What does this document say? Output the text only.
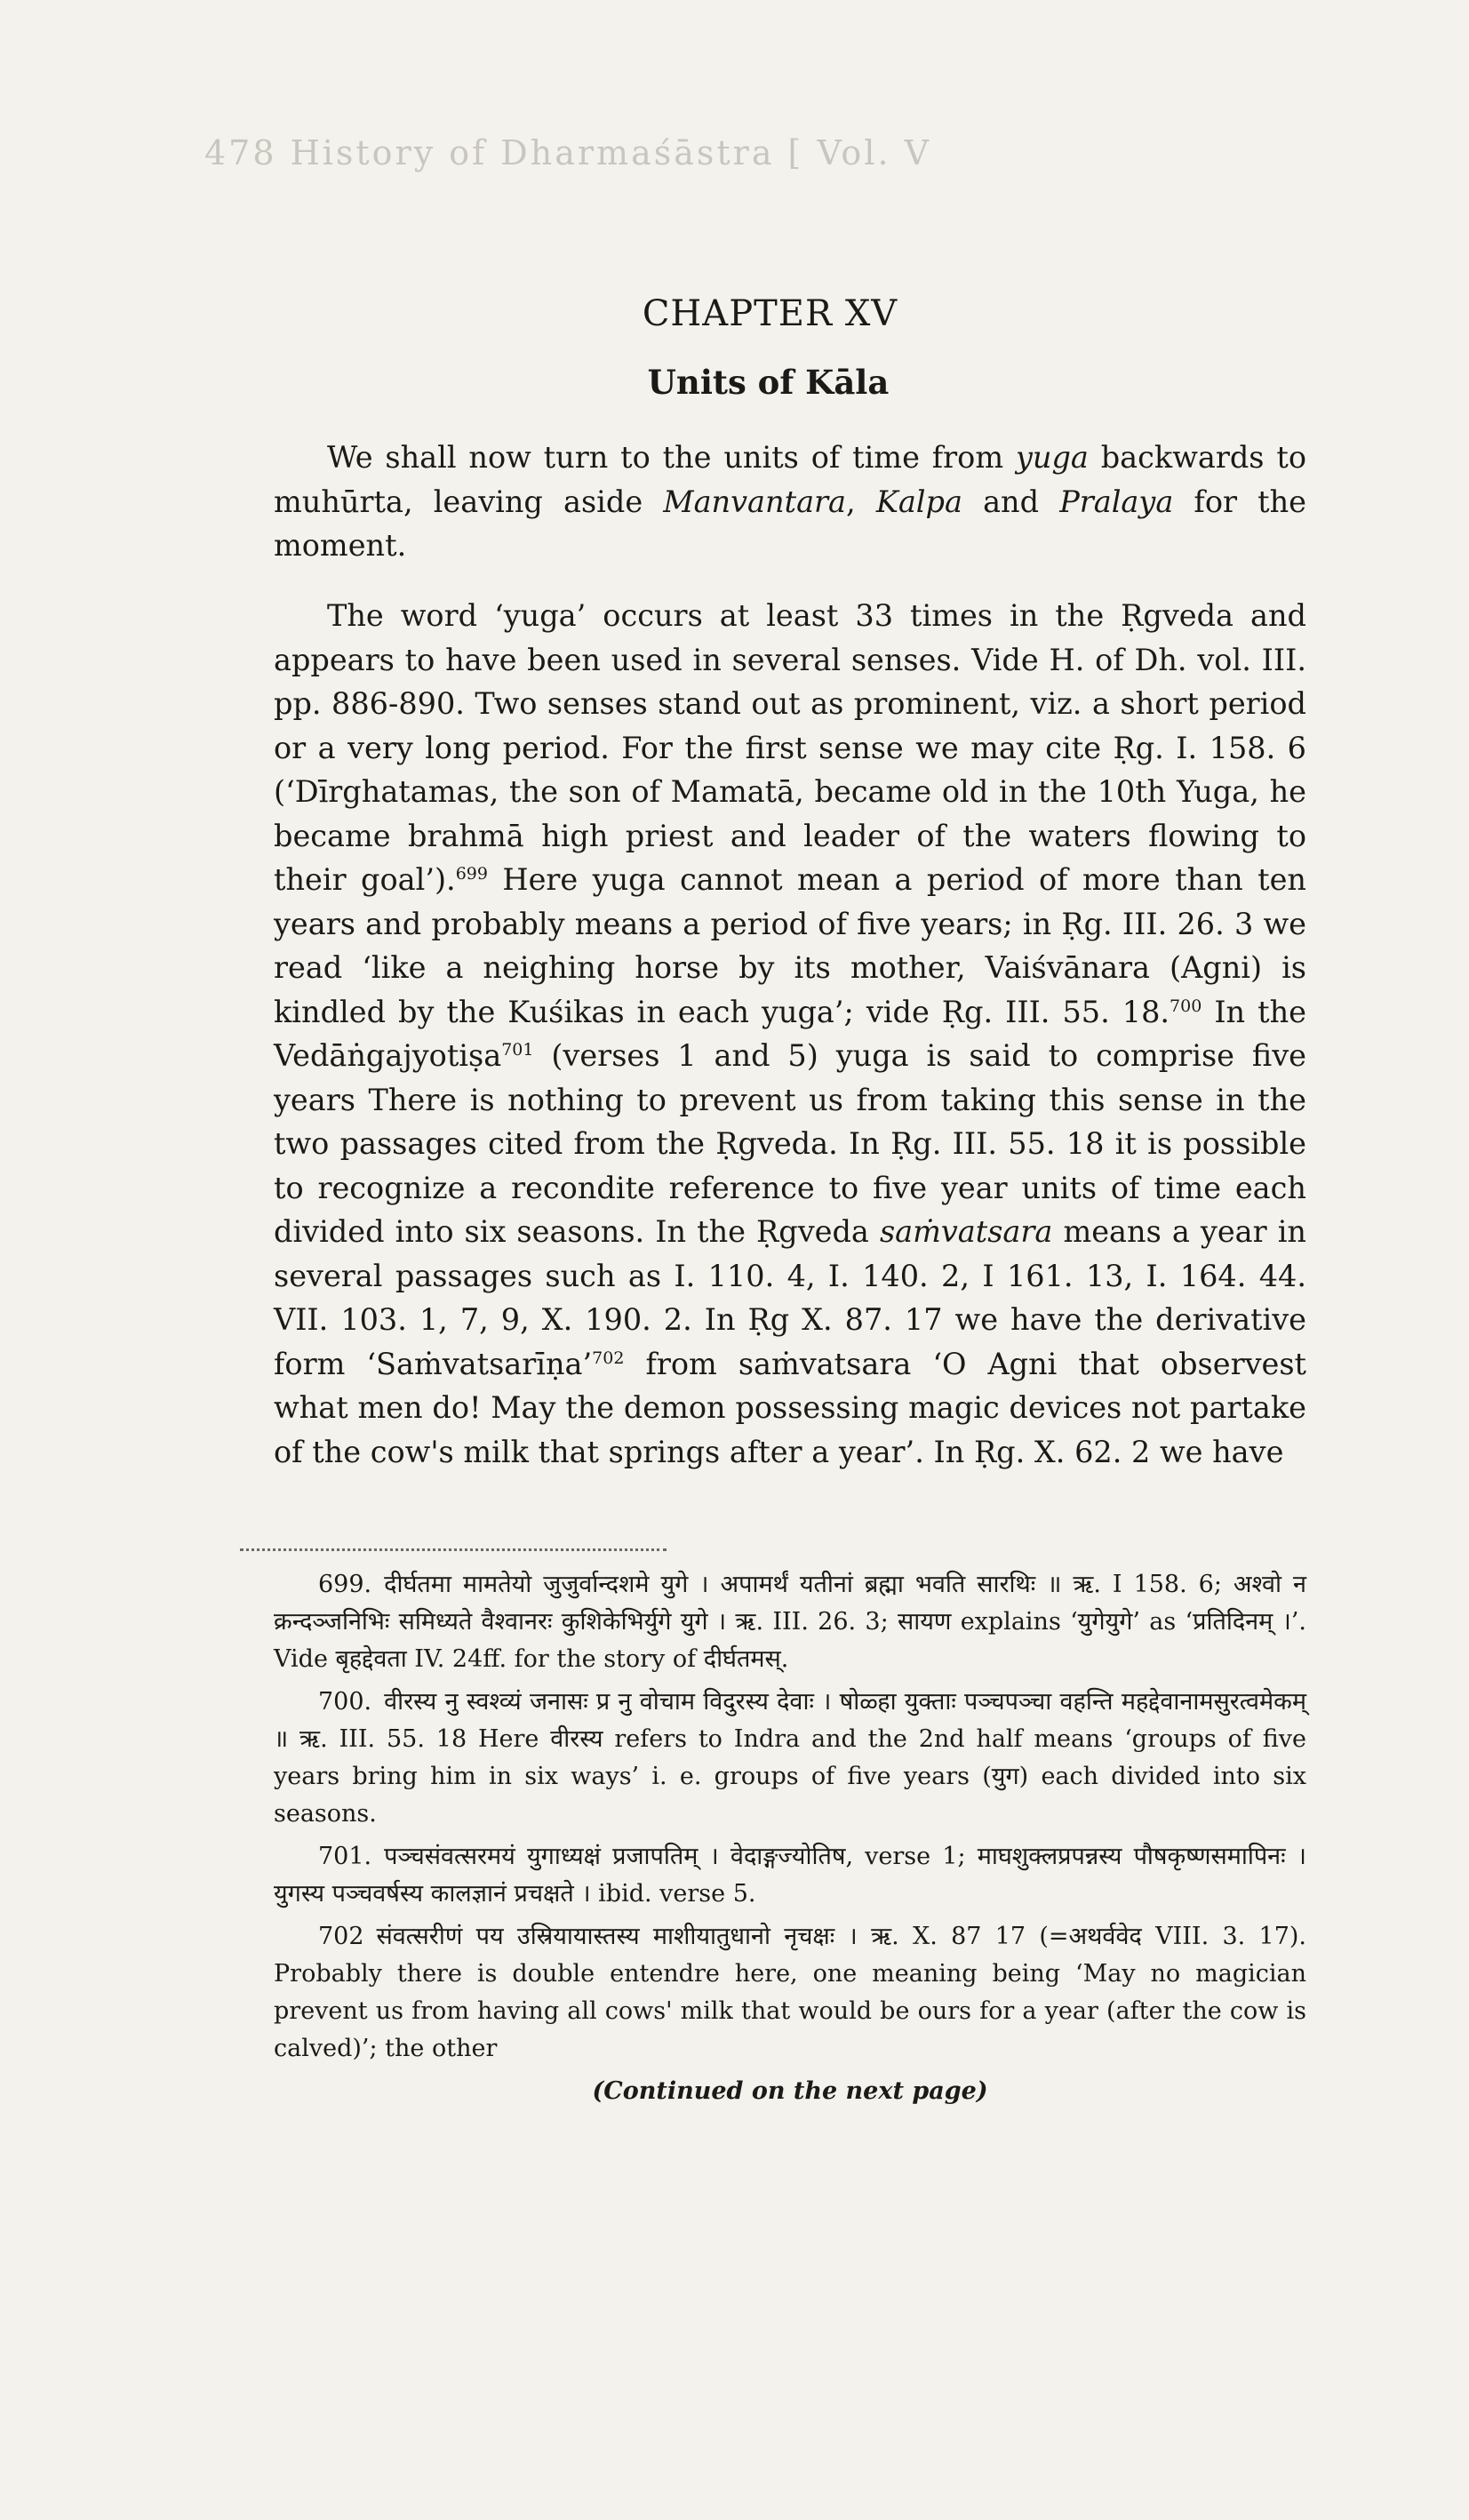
478 History of Dharmaśāstra [ Vol. V
CHAPTER XV
Units of Kāla

We shall now turn to the units of time from yuga backwards to muhūrta, leaving aside Manvantara, Kalpa and Pralaya for the moment.

The word ‘yuga’ occurs at least 33 times in the Ṛgveda and appears to have been used in several senses. Vide H. of Dh. vol. III. pp. 886-890. Two senses stand out as prominent, viz. a short period or a very long period. For the first sense we may cite Ṛg. I. 158. 6 (‘Dīrghatamas, the son of Mamatā, became old in the 10th Yuga, he became brahmā high priest and leader of the waters flowing to their goal’).$^{699}$ Here yuga cannot mean a period of more than ten years and probably means a period of five years; in Ṛg. III. 26. 3 we read ‘like a neighing horse by its mother, Vaiśvānara (Agni) is kindled by the Kuśikas in each yuga’; vide Ṛg. III. 55. 18.$^{700}$ In the Vedāṅgajyotiṣa$^{701}$ (verses 1 and 5) yuga is said to comprise five years There is nothing to prevent us from taking this sense in the two passages cited from the Ṛgveda. In Ṛg. III. 55. 18 it is possible to recognize a recondite reference to five year units of time each divided into six seasons. In the Ṛgveda saṁvatsara means a year in several passages such as I. 110. 4, I. 140. 2, I 161. 13, I. 164. 44. VII. 103. 1, 7, 9, X. 190. 2. In Ṛg X. 87. 17 we have the derivative form ‘Saṁvatsarīṇa’$^{702}$ from saṁvatsara ‘O Agni that observest what men do! May the demon possessing magic devices not partake of the cow's milk that springs after a year’. In Ṛg. X. 62. 2 we have

699. दीर्घतमा मामतेयो जुजुर्वान्दशमे युगे । अपामर्थं यतीनां ब्रह्मा भवति सारथिः ॥ ऋ. I 158. 6; अश्वो न क्रन्दञ्जनिभिः समिध्यते वैश्वानरः कुशिकेभिर्युगे युगे । ऋ. III. 26. 3; सायण explains ‘युगेयुगे’ as ‘प्रतिदिनम् ।’. Vide बृहद्देवता IV. 24ff. for the story of दीर्घतमस्.

700. वीरस्य नु स्वश्व्यं जनासः प्र नु वोचाम विदुरस्य देवाः । षोळ्हा युक्ताः पञ्चपञ्चा वहन्ति महद्देवानामसुरत्वमेकम् ॥ ऋ. III. 55. 18 Here वीरस्य refers to Indra and the 2nd half means ‘groups of five years bring him in six ways’ i. e. groups of five years (युग) each divided into six seasons.

701. पञ्चसंवत्सरमयं युगाध्यक्षं प्रजापतिम् । वेदाङ्गज्योतिष, verse 1; माघशुक्लप्रपन्नस्य पौषकृष्णसमापिनः । युगस्य पञ्चवर्षस्य कालज्ञानं प्रचक्षते । ibid. verse 5.

702 संवत्सरीणं पय उस्रियायास्तस्य माशीयातुधानो नृचक्षः । ऋ. X. 87 17 (=अथर्ववेद VIII. 3. 17). Probably there is double entendre here, one meaning being ‘May no magician prevent us from having all cows' milk that would be ours for a year (after the cow is calved)’; the other

(Continued on the next page)
